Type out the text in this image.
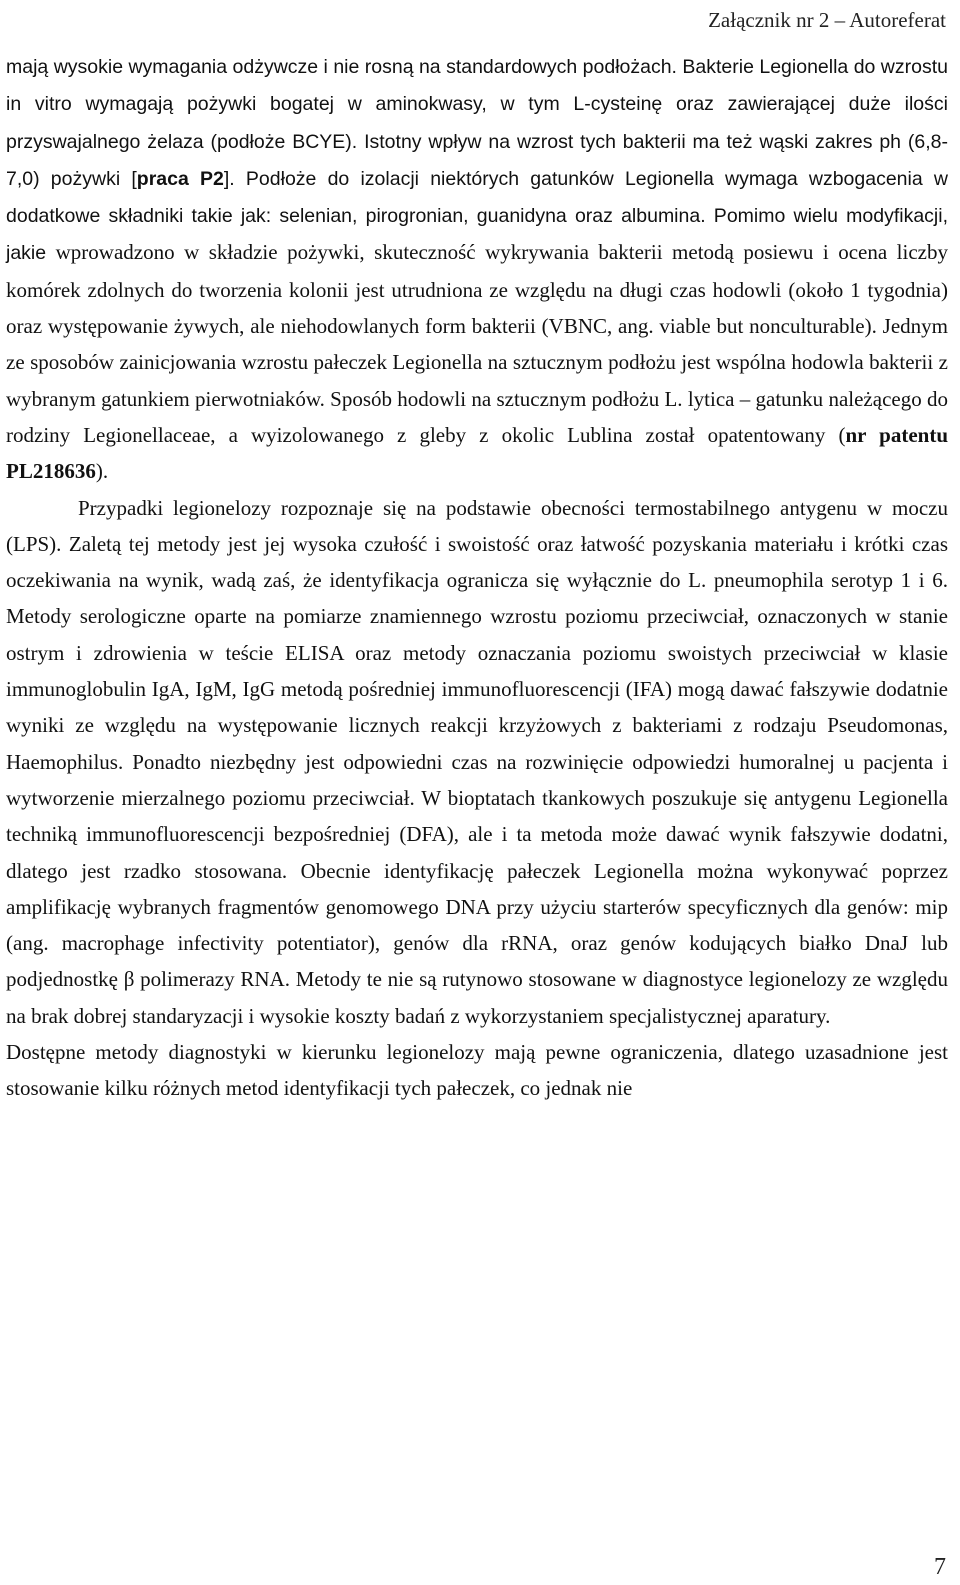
Załącznik nr 2 – Autoreferat

mają wysokie wymagania odżywcze i nie rosną na standardowych podłożach. Bakterie Legionella do wzrostu in vitro wymagają pożywki bogatej w aminokwasy, w tym L-cysteinę oraz zawierającej duże ilości przyswajalnego żelaza (podłoże BCYE). Istotny wpływ na wzrost tych bakterii ma też wąski zakres ph (6,8-7,0) pożywki [praca P2]. Podłoże do izolacji niektórych gatunków Legionella wymaga wzbogacenia w dodatkowe składniki takie jak: selenian, pirogronian, guanidyna oraz albumina. Pomimo wielu modyfikacji, jakie wprowadzono w składzie pożywki, skuteczność wykrywania bakterii metodą posiewu i ocena liczby komórek zdolnych do tworzenia kolonii jest utrudniona ze względu na długi czas hodowli (około 1 tygodnia) oraz występowanie żywych, ale niehodowlanych form bakterii (VBNC, ang. viable but nonculturable). Jednym ze sposobów zainicjowania wzrostu pałeczek Legionella na sztucznym podłożu jest wspólna hodowla bakterii z wybranym gatunkiem pierwotniaków. Sposób hodowli na sztucznym podłożu L. lytica – gatunku należącego do rodziny Legionellaceae, a wyizolowanego z gleby z okolic Lublina został opatentowany (nr patentu PL218636).

Przypadki legionelozy rozpoznaje się na podstawie obecności termostabilnego antygenu w moczu (LPS). Zaletą tej metody jest jej wysoka czułość i swoistość oraz łatwość pozyskania materiału i krótki czas oczekiwania na wynik, wadą zaś, że identyfikacja ogranicza się wyłącznie do L. pneumophila serotyp 1 i 6. Metody serologiczne oparte na pomiarze znamiennego wzrostu poziomu przeciwciał, oznaczonych w stanie ostrym i zdrowienia w teście ELISA oraz metody oznaczania poziomu swoistych przeciwciał w klasie immunoglobulin IgA, IgM, IgG metodą pośredniej immunofluorescencji (IFA) mogą dawać fałszywie dodatnie wyniki ze względu na występowanie licznych reakcji krzyżowych z bakteriami z rodzaju Pseudomonas, Haemophilus. Ponadto niezbędny jest odpowiedni czas na rozwinięcie odpowiedzi humoralnej u pacjenta i wytworzenie mierzalnego poziomu przeciwciał. W bioptatach tkankowych poszukuje się antygenu Legionella techniką immunofluorescencji bezpośredniej (DFA), ale i ta metoda może dawać wynik fałszywie dodatni, dlatego jest rzadko stosowana. Obecnie identyfikację pałeczek Legionella można wykonywać poprzez amplifikację wybranych fragmentów genomowego DNA przy użyciu starterów specyficznych dla genów: mip (ang. macrophage infectivity potentiator), genów dla rRNA, oraz genów kodujących białko DnaJ lub podjednostkę β polimerazy RNA. Metody te nie są rutynowo stosowane w diagnostyce legionelozy ze względu na brak dobrej standaryzacji i wysokie koszty badań z wykorzystaniem specjalistycznej aparatury.

Dostępne metody diagnostyki w kierunku legionelozy mają pewne ograniczenia, dlatego uzasadnione jest stosowanie kilku różnych metod identyfikacji tych pałeczek, co jednak nie

7
